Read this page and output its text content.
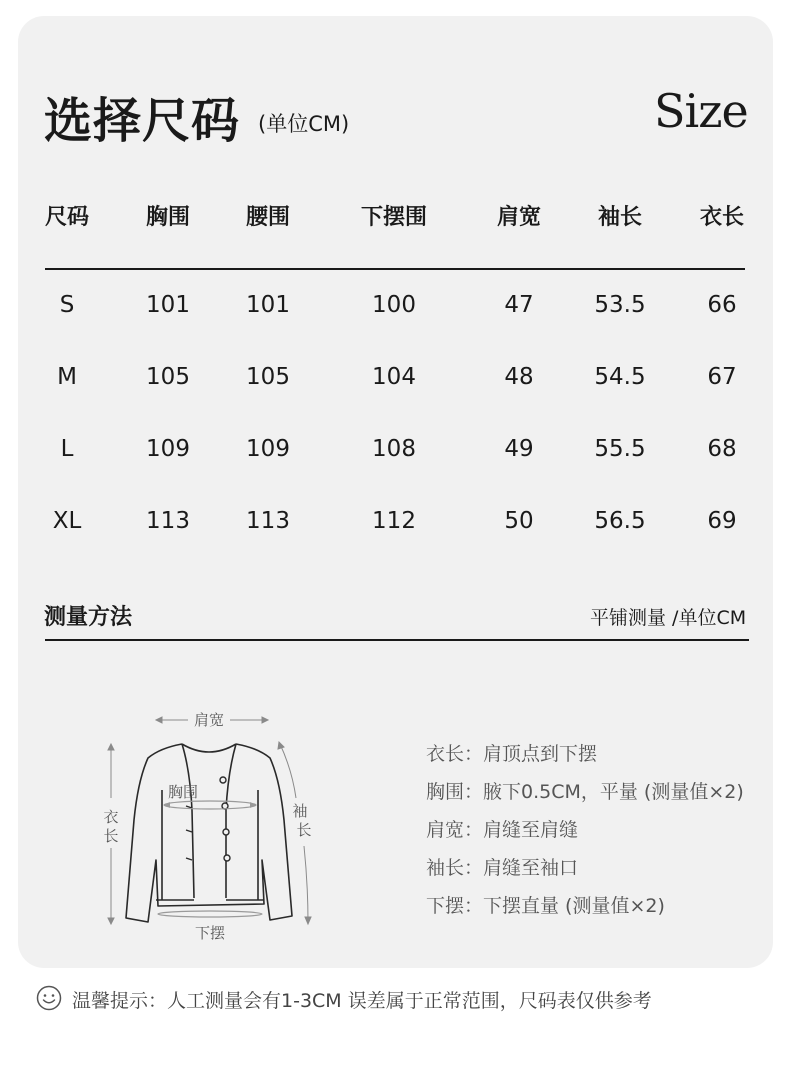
选择尺码 (单位CM)	Size
尺码	胸围	腰围	下摆围	肩宽	袖长	衣长
S	101 101	100	47	53.5	66
M	105 105	104	48	54.5	67
L	109 109	108	49	55.5	68
XL	113 113	112	50	56.5	69
测量方法	平铺测量 /单位CM
肩宽
衣
长
袖
长
胸围
下摆
衣长：肩顶点到下摆
胸围：腋下0.5CM，平量 (测量值×2)
肩宽：肩缝至肩缝
袖长：肩缝至袖口
下摆：下摆直量 (测量值×2)
温馨提示：人工测量会有1-3CM 误差属于正常范围，尺码表仅供参考
